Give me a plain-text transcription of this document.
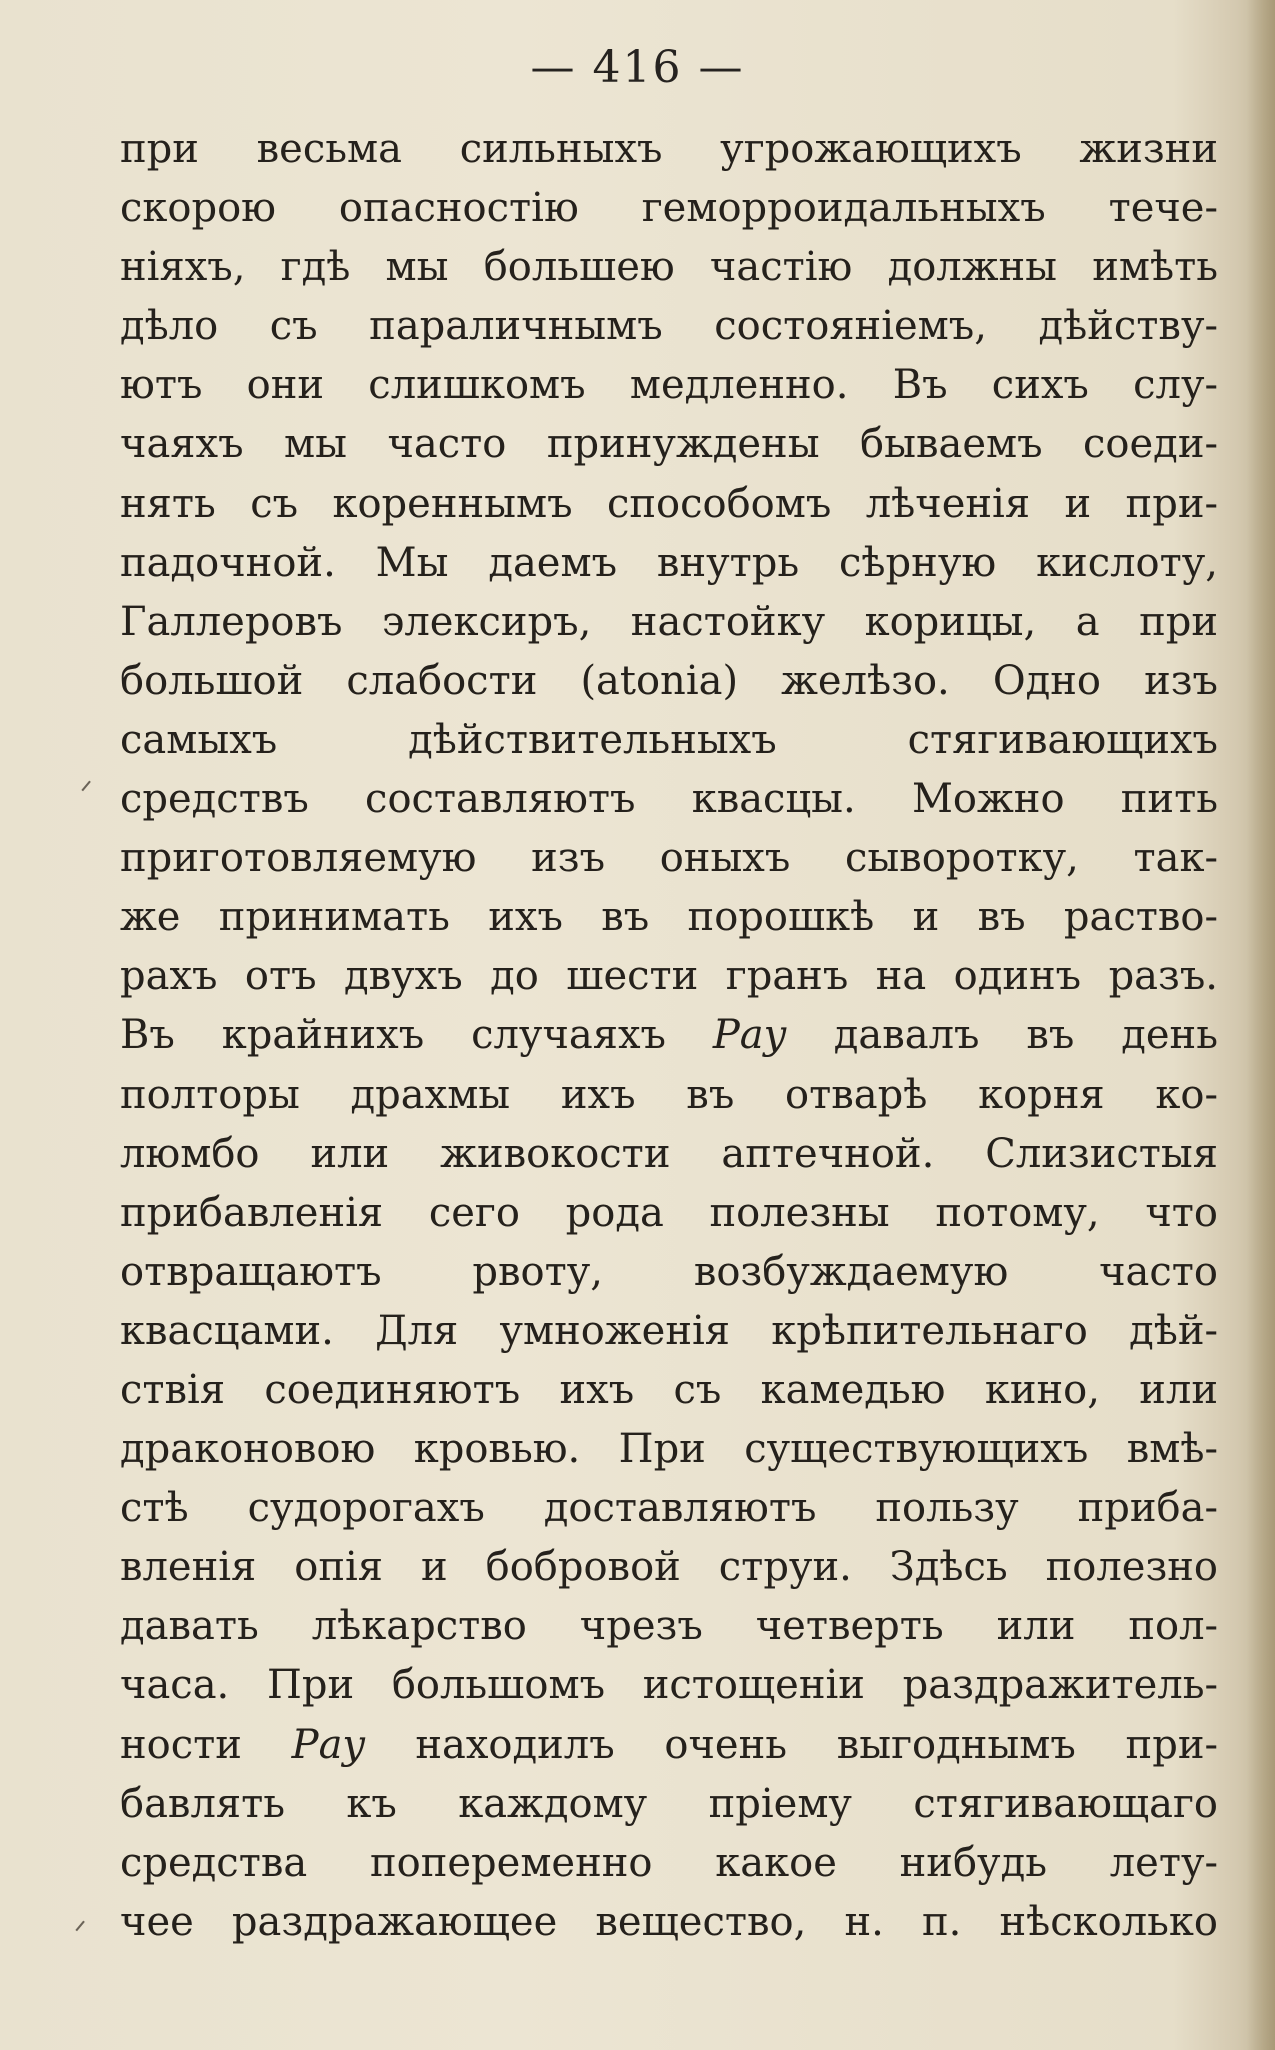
— 416 —
при весьма сильныхъ угрожающихъ жизни
скорою опасностію геморроидальныхъ тече-
ніяхъ, гдѣ мы большею частію должны имѣть
дѣло съ параличнымъ состояніемъ, дѣйству-
ютъ они слишкомъ медленно. Въ сихъ слу-
чаяхъ мы часто принуждены бываемъ соеди-
нять съ кореннымъ способомъ лѣченія и при-
падочной. Мы даемъ внутрь сѣрную кислоту,
Галлеровъ элексиръ, настойку корицы, а при
большой слабости (atonia) желѣзо. Одно изъ
самыхъ дѣйствительныхъ стягивающихъ
средствъ составляютъ квасцы. Можно пить
приготовляемую изъ оныхъ сыворотку, так-
же принимать ихъ въ порошкѣ и въ раство-
рахъ отъ двухъ до шести гранъ на одинъ разъ.
Въ крайнихъ случаяхъ Рау давалъ въ день
полторы драхмы ихъ въ отварѣ корня ко-
люмбо или живокости аптечной. Слизистыя
прибавленія сего рода полезны потому, что
отвращаютъ рвоту, возбуждаемую часто
квасцами. Для умноженія крѣпительнаго дѣй-
ствія соединяютъ ихъ съ камедью кино, или
драконовою кровью. При существующихъ вмѣ-
стѣ судорогахъ доставляютъ пользу приба-
вленія опія и бобровой струи. Здѣсь полезно
давать лѣкарство чрезъ четверть или пол-
часа. При большомъ истощеніи раздражитель-
ности Рау находилъ очень выгоднымъ при-
бавлять къ каждому пріему стягивающаго
средства попеременно какое нибудь лету-
чее раздражающее вещество, н. п. нѣсколько
ᐟ
ᐟ
